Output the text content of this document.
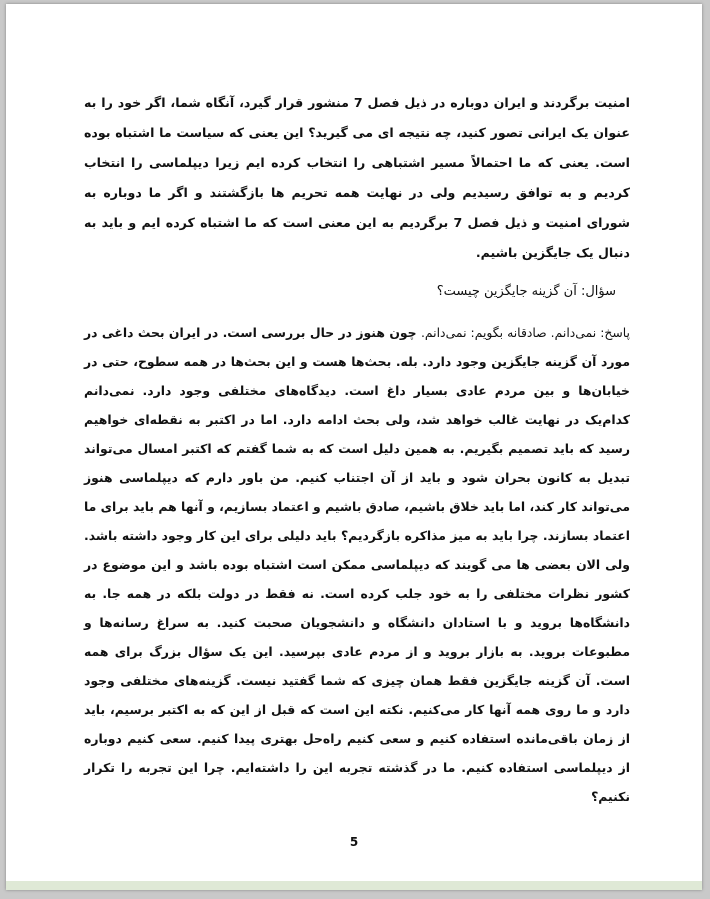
امنیت برگردند و ایران دوباره در ذیل فصل 7 منشور قرار گیرد، آنگاه شما، اگر خود را به عنوان یک ایرانی تصور کنید، چه نتیجه ای می گیرید؟ این یعنی که سیاست ما اشتباه بوده است. یعنی که ما احتمالاً مسیر اشتباهی را انتخاب کرده ایم زیرا دیپلماسی را انتخاب کردیم و به توافق رسیدیم ولی در نهایت همه تحریم ها بازگشتند و اگر ما دوباره به شورای امنیت و ذیل فصل 7 برگردیم به این معنی است که ما اشتباه کرده ایم و باید به دنبال یک جایگزین باشیم.

سؤال: آن گزینه جایگزین چیست؟

پاسخ: نمی‌دانم. صادقانه بگویم: نمی‌دانم. چون هنوز در حال بررسی است. در ایران بحث داغی در مورد آن گزینه جایگزین وجود دارد. بله. بحث‌ها هست و این بحث‌ها در همه سطوح، حتی در خیابان‌ها و بین مردم عادی بسیار داغ است. دیدگاه‌های مختلفی وجود دارد. نمی‌دانم کدام‌یک در نهایت غالب خواهد شد، ولی بحث ادامه دارد. اما در اکتبر به نقطه‌ای خواهیم رسید که باید تصمیم بگیریم. به همین دلیل است که به شما گفتم که اکتبر امسال می‌تواند تبدیل به کانون بحران شود و باید از آن اجتناب کنیم. من باور دارم که دیپلماسی هنوز می‌تواند کار کند، اما باید خلاق باشیم، صادق باشیم و اعتماد بسازیم، و آنها هم باید برای ما اعتماد بسازند. چرا باید به میز مذاکره بازگردیم؟ باید دلیلی برای این کار وجود داشته باشد. ولی الان بعضی ها می گویند که دیپلماسی ممکن است اشتباه بوده باشد و این موضوع در کشور نظرات مختلفی را به خود جلب کرده است. نه فقط در دولت بلکه در همه جا. به دانشگاه‌ها بروید و با استادان دانشگاه و دانشجویان صحبت کنید. به سراغ رسانه‌ها و مطبوعات بروید. به بازار بروید و از مردم عادی بپرسید. این یک سؤال بزرگ برای همه است. آن گزینه جایگزین فقط همان چیزی که شما گفتید نیست. گزینه‌های مختلفی وجود دارد و ما روی همه آنها کار می‌کنیم. نکته این است که قبل از این که به اکتبر برسیم، باید از زمان باقی‌مانده استفاده کنیم و سعی کنیم راه‌حل بهتری پیدا کنیم. سعی کنیم دوباره از دیپلماسی استفاده کنیم. ما در گذشته تجربه این را داشته‌ایم. چرا این تجربه را تکرار نکنیم؟

5
